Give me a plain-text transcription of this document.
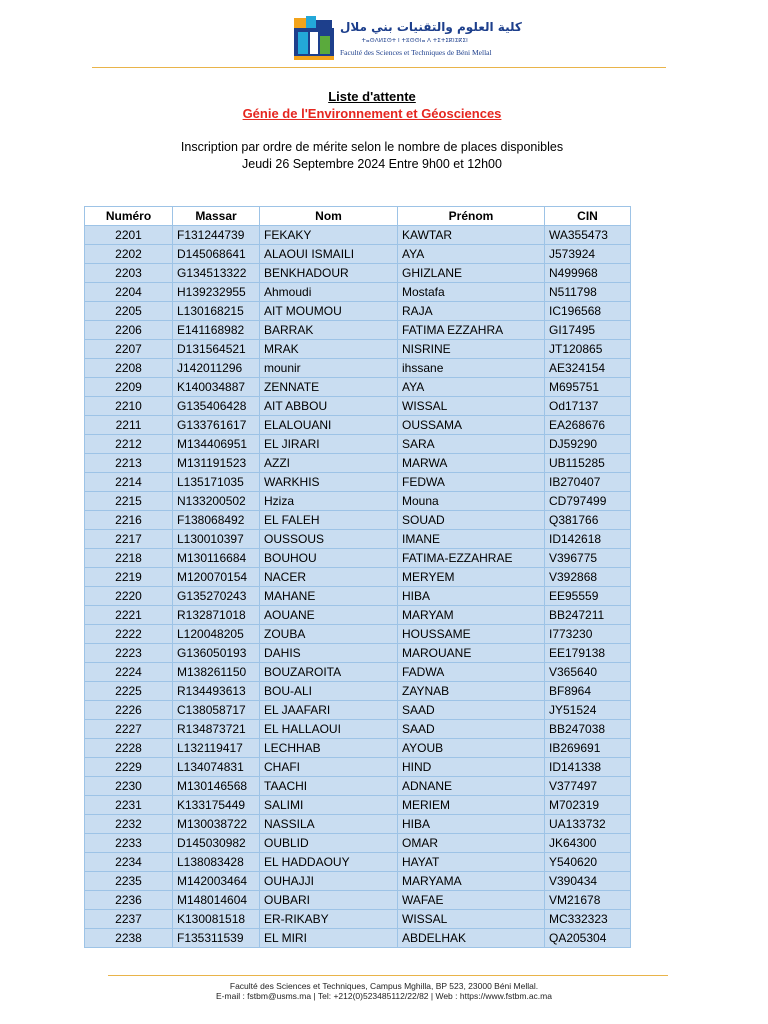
كلية العلوم والتقنيات بني ملال
ⵜⴰⵙⴷⵍⵉⵙⵜ ⵏ ⵜⵓⵙⵙⵏⴰ ⴷ ⵜⵉⵜⵉⴽⵏⵉⴽⵉⵏ
Faculté des Sciences et Techniques de Béni Mellal
Liste d'attente
Génie de l'Environnement et Géosciences
Inscription par ordre de mérite selon le nombre de places disponibles
Jeudi 26 Septembre 2024 Entre 9h00 et 12h00
Numéro	Massar	Nom	Prénom	CIN
2201	F131244739	FEKAKY	KAWTAR	WA355473
2202	D145068641	ALAOUI ISMAILI	AYA	J573924
2203	G134513322	BENKHADOUR	GHIZLANE	N499968
2204	H139232955	Ahmoudi	Mostafa	N511798
2205	L130168215	AIT MOUMOU	RAJA	IC196568
2206	E141168982	BARRAK	FATIMA EZZAHRA	GI17495
2207	D131564521	MRAK	NISRINE	JT120865
2208	J142011296	mounir	ihssane	AE324154
2209	K140034887	ZENNATE	AYA	M695751
2210	G135406428	AIT ABBOU	WISSAL	Od17137
2211	G133761617	ELALOUANI	OUSSAMA	EA268676
2212	M134406951	EL JIRARI	SARA	DJ59290
2213	M131191523	AZZI	MARWA	UB115285
2214	L135171035	WARKHIS	FEDWA	IB270407
2215	N133200502	Hziza	Mouna	CD797499
2216	F138068492	EL FALEH	SOUAD	Q381766
2217	L130010397	OUSSOUS	IMANE	ID142618
2218	M130116684	BOUHOU	FATIMA-EZZAHRAE	V396775
2219	M120070154	NACER	MERYEM	V392868
2220	G135270243	MAHANE	HIBA	EE95559
2221	R132871018	AOUANE	MARYAM	BB247211
2222	L120048205	ZOUBA	HOUSSAME	I773230
2223	G136050193	DAHIS	MAROUANE	EE179138
2224	M138261150	BOUZAROITA	FADWA	V365640
2225	R134493613	BOU-ALI	ZAYNAB	BF8964
2226	C138058717	EL JAAFARI	SAAD	JY51524
2227	R134873721	EL HALLAOUI	SAAD	BB247038
2228	L132119417	LECHHAB	AYOUB	IB269691
2229	L134074831	CHAFI	HIND	ID141338
2230	M130146568	TAACHI	ADNANE	V377497
2231	K133175449	SALIMI	MERIEM	M702319
2232	M130038722	NASSILA	HIBA	UA133732
2233	D145030982	OUBLID	OMAR	JK64300
2234	L138083428	EL HADDAOUY	HAYAT	Y540620
2235	M142003464	OUHAJJI	MARYAMA	V390434
2236	M148014604	OUBARI	WAFAE	VM21678
2237	K130081518	ER-RIKABY	WISSAL	MC332323
2238	F135311539	EL MIRI	ABDELHAK	QA205304
Faculté des Sciences et Techniques, Campus Mghilla, BP 523, 23000 Béni Mellal.
E-mail : fstbm@usms.ma | Tel: +212(0)523485112/22/82 | Web : https://www.fstbm.ac.ma
